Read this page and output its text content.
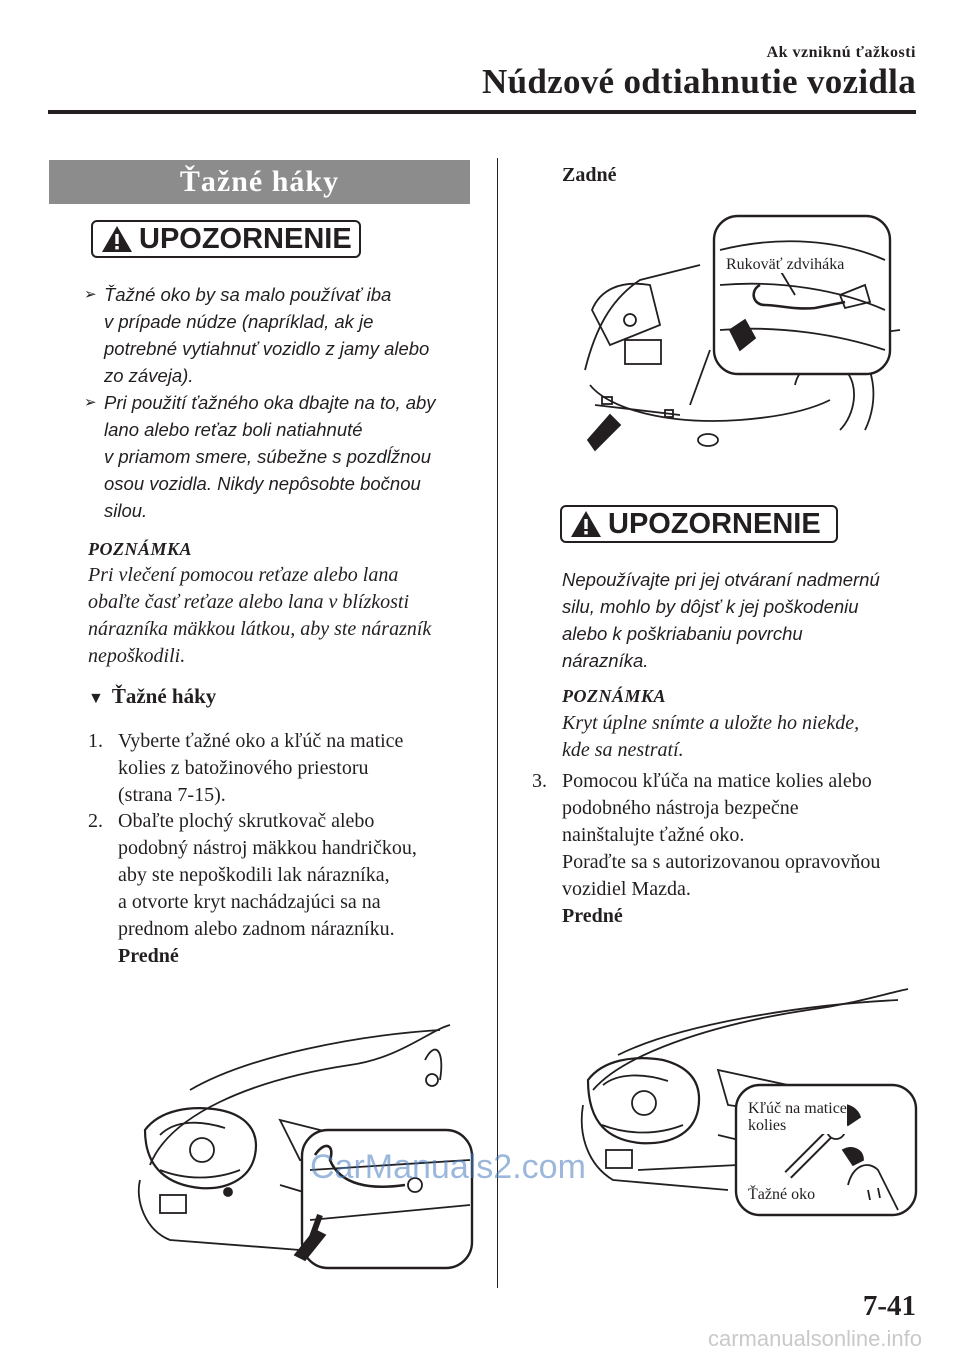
Ak vzniknú ťažkosti
Núdzové odtiahnutie vozidla
Ťažné háky
UPOZORNENIE
➢ Ťažné oko by sa malo používať iba
v prípade núdze (napríklad, ak je
potrebné vytiahnuť vozidlo z jamy alebo
zo záveja).
➢ Pri použití ťažného oka dbajte na to, aby
lano alebo reťaz boli natiahnuté
v priamom smere, súbežne s pozdĺžnou
osou vozidla. Nikdy nepôsobte bočnou
silou.
POZNÁMKA
Pri vlečení pomocou reťaze alebo lana
obaľte časť reťaze alebo lana v blízkosti
nárazníka mäkkou látkou, aby ste nárazník
nepoškodili.
▼ Ťažné háky
1. Vyberte ťažné oko a kľúč na matice
kolies z batožinového priestoru
(strana 7-15).
2. Obaľte plochý skrutkovač alebo
podobný nástroj mäkkou handričkou,
aby ste nepoškodili lak nárazníka,
a otvorte kryt nachádzajúci sa na
prednom alebo zadnom nárazníku.
Predné
Zadné
Rukoväť zdviháka
UPOZORNENIE
Nepoužívajte pri jej otváraní nadmernú
silu, mohlo by dôjsť k jej poškodeniu
alebo k poškriabaniu povrchu
nárazníka.
POZNÁMKA
Kryt úplne snímte a uložte ho niekde,
kde sa nestratí.
3. Pomocou kľúča na matice kolies alebo
podobného nástroja bezpečne
nainštalujte ťažné oko.
Poraďte sa s autorizovanou opravovňou
vozidiel Mazda.
Predné
Kľúč na matice
kolies
Ťažné oko
7-41
CarManuals2.com
carmanualsonline.info
